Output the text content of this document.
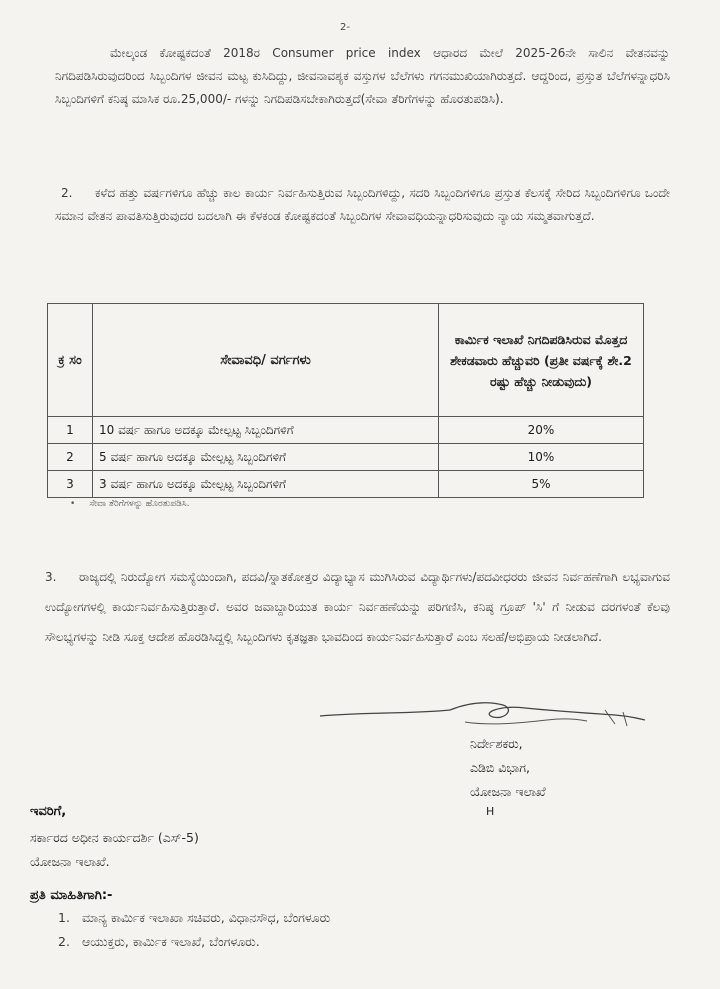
2-
ಮೇಲ್ಕಂಡ ಕೋಷ್ಟಕದಂತೆ 2018ರ Consumer price index ಆಧಾರದ ಮೇಲೆ 2025-26ನೇ ಸಾಲಿನ ವೇತನವನ್ನು ನಿಗದಿಪಡಿಸಿರುವುದರಿಂದ ಸಿಬ್ಬಂದಿಗಳ ಜೀವನ ಮಟ್ಟ ಕುಸಿದಿದ್ದು, ಜೀವನಾವಶ್ಯಕ ವಸ್ತುಗಳ ಬೆಲೆಗಳು ಗಗನಮುಖಿಯಾಗಿರುತ್ತದೆ. ಆದ್ದರಿಂದ, ಪ್ರಸ್ತುತ ಬೆಲೆಗಳನ್ನಾಧರಿಸಿ ಸಿಬ್ಬಂದಿಗಳಿಗೆ ಕನಿಷ್ಠ ಮಾಸಿಕ ರೂ.25,000/- ಗಳನ್ನು ನಿಗದಿಪಡಿಸಬೇಕಾಗಿರುತ್ತದೆ(ಸೇವಾ ತೆರಿಗೆಗಳನ್ನು ಹೊರತುಪಡಿಸಿ).
2. ಕಳೆದ ಹತ್ತು ವರ್ಷಗಳಿಗೂ ಹೆಚ್ಚು ಕಾಲ ಕಾರ್ಯ ನಿರ್ವಹಿಸುತ್ತಿರುವ ಸಿಬ್ಬಂದಿಗಳಿದ್ದು, ಸದರಿ ಸಿಬ್ಬಂದಿಗಳಿಗೂ ಪ್ರಸ್ತುತ ಕೆಲಸಕ್ಕೆ ಸೇರಿದ ಸಿಬ್ಬಂದಿಗಳಿಗೂ ಒಂದೇ ಸಮಾನ ವೇತನ ಪಾವತಿಸುತ್ತಿರುವುದರ ಬದಲಾಗಿ ಈ ಕೆಳಕಂಡ ಕೋಷ್ಟಕದಂತೆ ಸಿಬ್ಬಂದಿಗಳ ಸೇವಾವಧಿಯನ್ನಾಧರಿಸುವುದು ನ್ಯಾಯ ಸಮ್ಮತವಾಗುತ್ತದೆ.
ಕ್ರ ಸಂ	ಸೇವಾವಧಿ/ ವರ್ಗಗಳು	ಕಾರ್ಮಿಕ ಇಲಾಖೆ ನಿಗದಿಪಡಿಸಿರುವ ಮೊತ್ತದ ಶೇಕಡವಾರು ಹೆಚ್ಚುವರಿ (ಪ್ರತೀ ವರ್ಷಕ್ಕೆ ಶೇ.2 ರಷ್ಟು ಹೆಚ್ಚು ನೀಡುವುದು)
1	10 ವರ್ಷ ಹಾಗೂ ಅದಕ್ಕೂ ಮೇಲ್ಪಟ್ಟ ಸಿಬ್ಬಂದಿಗಳಿಗೆ	20%
2	5 ವರ್ಷ ಹಾಗೂ ಅದಕ್ಕೂ ಮೇಲ್ಪಟ್ಟ ಸಿಬ್ಬಂದಿಗಳಿಗೆ	10%
3	3 ವರ್ಷ ಹಾಗೂ ಅದಕ್ಕೂ ಮೇಲ್ಪಟ್ಟ ಸಿಬ್ಬಂದಿಗಳಿಗೆ	5%
• ಸೇವಾ ತೆರಿಗೆಗಳನ್ನು ಹೊರತುಪಡಿಸಿ.
3. ರಾಜ್ಯದಲ್ಲಿ ನಿರುದ್ಯೋಗ ಸಮಸ್ಯೆಯಿಂದಾಗಿ, ಪದವಿ/ಸ್ನಾತಕೋತ್ತರ ವಿದ್ಯಾಭ್ಯಾಸ ಮುಗಿಸಿರುವ ವಿದ್ಯಾರ್ಥಿಗಳು/ಪದವೀಧರರು ಜೀವನ ನಿರ್ವಹಣೆಗಾಗಿ ಲಭ್ಯವಾಗುವ ಉದ್ಯೋಗಗಳಲ್ಲಿ ಕಾರ್ಯನಿರ್ವಹಿಸುತ್ತಿರುತ್ತಾರೆ. ಅವರ ಜವಾಬ್ದಾರಿಯುತ ಕಾರ್ಯ ನಿರ್ವಹಣೆಯನ್ನು ಪರಿಗಣಿಸಿ, ಕನಿಷ್ಠ ಗ್ರೂಪ್ 'ಸಿ' ಗೆ ನೀಡುವ ದರಗಳಂತೆ ಕೆಲವು ಸೌಲಭ್ಯಗಳನ್ನು ನೀಡಿ ಸೂಕ್ತ ಆದೇಶ ಹೊರಡಿಸಿದ್ದಲ್ಲಿ ಸಿಬ್ಬಂದಿಗಳು ಕೃತಜ್ಞತಾ ಭಾವದಿಂದ ಕಾರ್ಯನಿರ್ವಹಿಸುತ್ತಾರೆ ಎಂಬ ಸಲಹೆ/ಅಭಿಪ್ರಾಯ ನೀಡಲಾಗಿದೆ.
ನಿರ್ದೇಶಕರು,
ಎಡಿಬಿ ವಿಭಾಗ,
ಯೋಜನಾ ಇಲಾಖೆ
H
ಇವರಿಗೆ,
ಸರ್ಕಾರದ ಅಧೀನ ಕಾರ್ಯದರ್ಶಿ (ಎಸ್-5)
ಯೋಜನಾ ಇಲಾಖೆ.
ಪ್ರತಿ ಮಾಹಿತಿಗಾಗಿ:-
1. ಮಾನ್ಯ ಕಾರ್ಮಿಕ ಇಲಾಖಾ ಸಚಿವರು, ವಿಧಾನಸೌಧ, ಬೆಂಗಳೂರು
2. ಆಯುಕ್ತರು, ಕಾರ್ಮಿಕ ಇಲಾಖೆ, ಬೆಂಗಳೂರು.
